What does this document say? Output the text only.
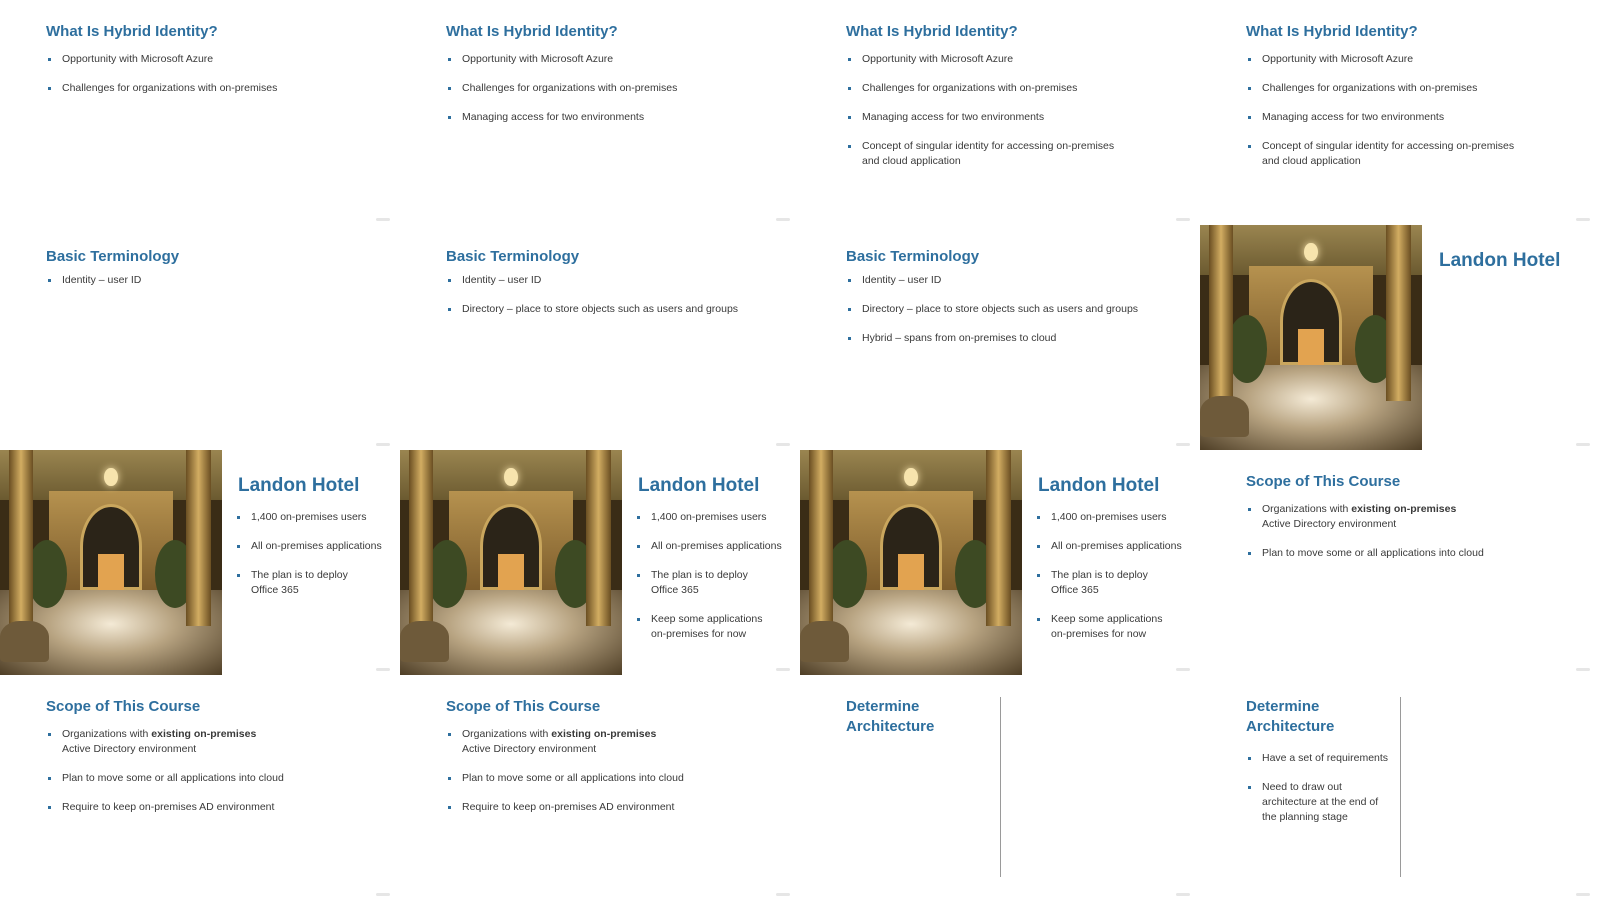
What Is Hybrid Identity?
Opportunity with Microsoft Azure
Challenges for organizations with on-premises
What Is Hybrid Identity?
Opportunity with Microsoft Azure
Challenges for organizations with on-premises
Managing access for two environments
What Is Hybrid Identity?
Opportunity with Microsoft Azure
Challenges for organizations with on-premises
Managing access for two environments
Concept of singular identity for accessing on-premises
and cloud application
What Is Hybrid Identity?
Opportunity with Microsoft Azure
Challenges for organizations with on-premises
Managing access for two environments
Concept of singular identity for accessing on-premises
and cloud application
Basic Terminology
Identity – user ID
Basic Terminology
Identity – user ID
Directory – place to store objects such as users and groups
Basic Terminology
Identity – user ID
Directory – place to store objects such as users and groups
Hybrid – spans from on-premises to cloud
Landon Hotel
Landon Hotel
1,400 on-premises users
All on-premises applications
The plan is to deploy
Office 365
Landon Hotel
1,400 on-premises users
All on-premises applications
The plan is to deploy
Office 365
Keep some applications
on-premises for now
Landon Hotel
1,400 on-premises users
All on-premises applications
The plan is to deploy
Office 365
Keep some applications
on-premises for now
Scope of This Course
Organizations with existing on-premises
Active Directory environment
Plan to move some or all applications into cloud
Scope of This Course
Organizations with existing on-premises
Active Directory environment
Plan to move some or all applications into cloud
Require to keep on-premises AD environment
Scope of This Course
Organizations with existing on-premises
Active Directory environment
Plan to move some or all applications into cloud
Require to keep on-premises AD environment
Determine
Architecture
Determine
Architecture
Have a set of requirements
Need to draw out
architecture at the end of
the planning stage
